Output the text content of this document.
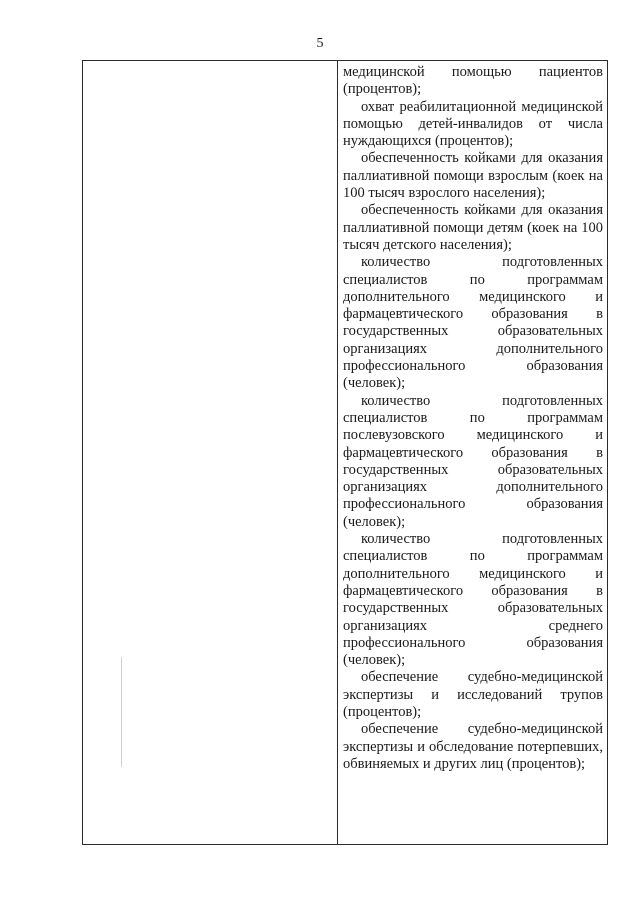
5

медицинской помощью пациентов (процентов);

охват реабилитационной медицинской помощью детей-инвалидов от числа нуждающихся (процентов);

обеспеченность койками для оказания паллиативной помощи взрослым (коек на 100 тысяч взрослого населения);

обеспеченность койками для оказания паллиативной помощи детям (коек на 100 тысяч детского населения);

количество подготовленных специалистов по программам дополнительного медицинского и фармацевтического образования в государственных образовательных организациях дополнительного профессионального образования (человек);

количество подготовленных специалистов по программам послевузовского медицинского и фармацевтического образования в государственных образовательных организациях дополнительного профессионального образования (человек);

количество подготовленных специалистов по программам дополнительного медицинского и фармацевтического образования в государственных образовательных организациях среднего профессионального образования (человек);

обеспечение судебно-медицинской экспертизы и исследований трупов (процентов);

обеспечение судебно-медицинской экспертизы и обследование потерпевших, обвиняемых и других лиц (процентов);
